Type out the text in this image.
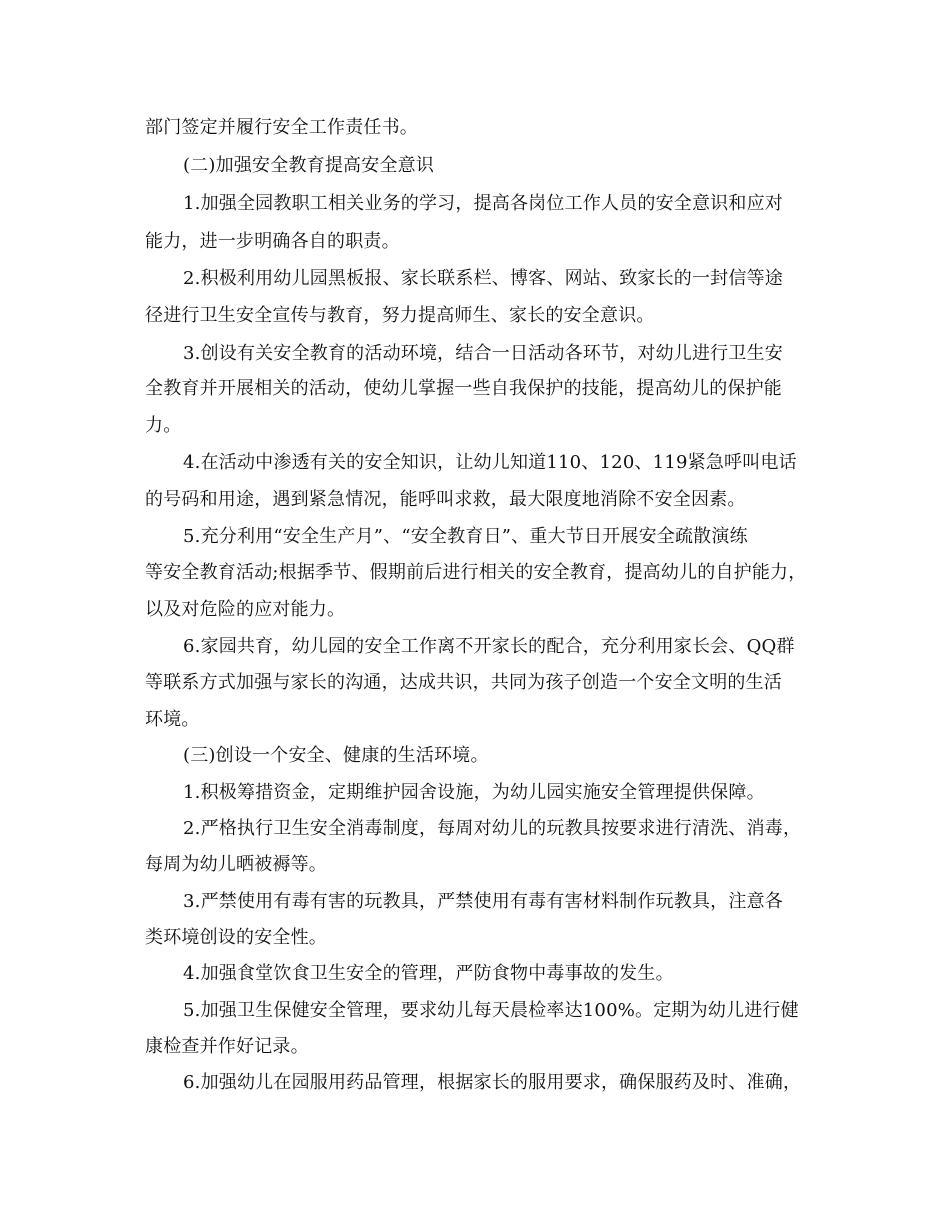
部门签定并履行安全工作责任书。
(二)加强安全教育提高安全意识
1.加强全园教职工相关业务的学习，提高各岗位工作人员的安全意识和应对
能力，进一步明确各自的职责。
2.积极利用幼儿园黑板报、家长联系栏、博客、网站、致家长的一封信等途
径进行卫生安全宣传与教育，努力提高师生、家长的安全意识。
3.创设有关安全教育的活动环境，结合一日活动各环节，对幼儿进行卫生安
全教育并开展相关的活动，使幼儿掌握一些自我保护的技能，提高幼儿的保护能
力。
4.在活动中渗透有关的安全知识，让幼儿知道110、120、119紧急呼叫电话
的号码和用途，遇到紧急情况，能呼叫求救，最大限度地消除不安全因素。
5.充分利用“安全生产月”、“安全教育日”、重大节日开展安全疏散演练
等安全教育活动;根据季节、假期前后进行相关的安全教育，提高幼儿的自护能力，
以及对危险的应对能力。
6.家园共育，幼儿园的安全工作离不开家长的配合，充分利用家长会、QQ群
等联系方式加强与家长的沟通，达成共识，共同为孩子创造一个安全文明的生活
环境。
(三)创设一个安全、健康的生活环境。
1.积极筹措资金，定期维护园舍设施，为幼儿园实施安全管理提供保障。
2.严格执行卫生安全消毒制度，每周对幼儿的玩教具按要求进行清洗、消毒，
每周为幼儿晒被褥等。
3.严禁使用有毒有害的玩教具，严禁使用有毒有害材料制作玩教具，注意各
类环境创设的安全性。
4.加强食堂饮食卫生安全的管理，严防食物中毒事故的发生。
5.加强卫生保健安全管理，要求幼儿每天晨检率达100%。定期为幼儿进行健
康检查并作好记录。
6.加强幼儿在园服用药品管理，根据家长的服用要求，确保服药及时、准确，
